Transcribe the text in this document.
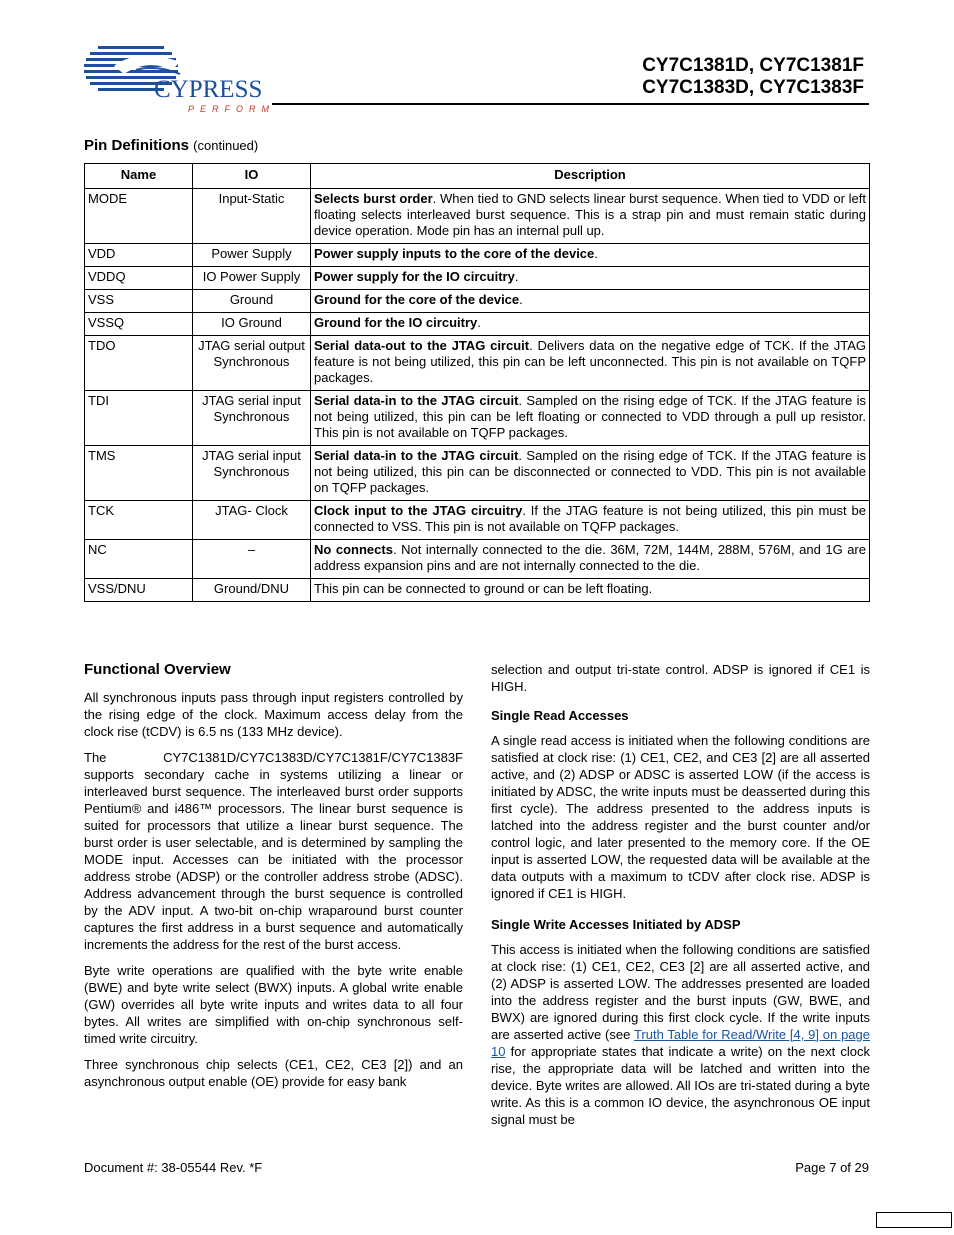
CYPRESS
PERFORM
CY7C1381D, CY7C1381F
CY7C1383D, CY7C1383F
Pin Definitions (continued)
Name	IO	Description
MODE	Input-Static	Selects burst order. When tied to GND selects linear burst sequence. When tied to VDD or left floating selects interleaved burst sequence. This is a strap pin and must remain static during device operation. Mode pin has an internal pull up.
VDD	Power Supply	Power supply inputs to the core of the device.
VDDQ	IO Power Supply	Power supply for the IO circuitry.
VSS	Ground	Ground for the core of the device.
VSSQ	IO Ground	Ground for the IO circuitry.
TDO	JTAG serial output Synchronous	Serial data-out to the JTAG circuit. Delivers data on the negative edge of TCK. If the JTAG feature is not being utilized, this pin can be left unconnected. This pin is not available on TQFP packages.
TDI	JTAG serial input Synchronous	Serial data-in to the JTAG circuit. Sampled on the rising edge of TCK. If the JTAG feature is not being utilized, this pin can be left floating or connected to VDD through a pull up resistor. This pin is not available on TQFP packages.
TMS	JTAG serial input Synchronous	Serial data-in to the JTAG circuit. Sampled on the rising edge of TCK. If the JTAG feature is not being utilized, this pin can be disconnected or connected to VDD. This pin is not available on TQFP packages.
TCK	JTAG- Clock	Clock input to the JTAG circuitry. If the JTAG feature is not being utilized, this pin must be connected to VSS. This pin is not available on TQFP packages.
NC	–	No connects. Not internally connected to the die. 36M, 72M, 144M, 288M, 576M, and 1G are address expansion pins and are not internally connected to the die.
VSS/DNU	Ground/DNU	This pin can be connected to ground or can be left floating.
Functional Overview

All synchronous inputs pass through input registers controlled by the rising edge of the clock. Maximum access delay from the clock rise (tCDV) is 6.5 ns (133 MHz device).

The CY7C1381D/CY7C1383D/CY7C1381F/CY7C1383F supports secondary cache in systems utilizing a linear or interleaved burst sequence. The interleaved burst order supports Pentium® and i486™ processors. The linear burst sequence is suited for processors that utilize a linear burst sequence. The burst order is user selectable, and is determined by sampling the MODE input. Accesses can be initiated with the processor address strobe (ADSP) or the controller address strobe (ADSC). Address advancement through the burst sequence is controlled by the ADV input. A two-bit on-chip wraparound burst counter captures the first address in a burst sequence and automatically increments the address for the rest of the burst access.

Byte write operations are qualified with the byte write enable (BWE) and byte write select (BWX) inputs. A global write enable (GW) overrides all byte write inputs and writes data to all four bytes. All writes are simplified with on-chip synchronous self-timed write circuitry.

Three synchronous chip selects (CE1, CE2, CE3 [2]) and an asynchronous output enable (OE) provide for easy bank

selection and output tri-state control. ADSP is ignored if CE1 is HIGH.

Single Read Accesses

A single read access is initiated when the following conditions are satisfied at clock rise: (1) CE1, CE2, and CE3 [2] are all asserted active, and (2) ADSP or ADSC is asserted LOW (if the access is initiated by ADSC, the write inputs must be deasserted during this first cycle). The address presented to the address inputs is latched into the address register and the burst counter and/or control logic, and later presented to the memory core. If the OE input is asserted LOW, the requested data will be available at the data outputs with a maximum to tCDV after clock rise. ADSP is ignored if CE1 is HIGH.

Single Write Accesses Initiated by ADSP

This access is initiated when the following conditions are satisfied at clock rise: (1) CE1, CE2, CE3 [2] are all asserted active, and (2) ADSP is asserted LOW. The addresses presented are loaded into the address register and the burst inputs (GW, BWE, and BWX) are ignored during this first clock cycle. If the write inputs are asserted active (see Truth Table for Read/Write [4, 9] on page 10 for appropriate states that indicate a write) on the next clock rise, the appropriate data will be latched and written into the device. Byte writes are allowed. All IOs are tri-stated during a byte write. As this is a common IO device, the asynchronous OE input signal must be

Document #: 38-05544 Rev. *F	Page 7 of 29
